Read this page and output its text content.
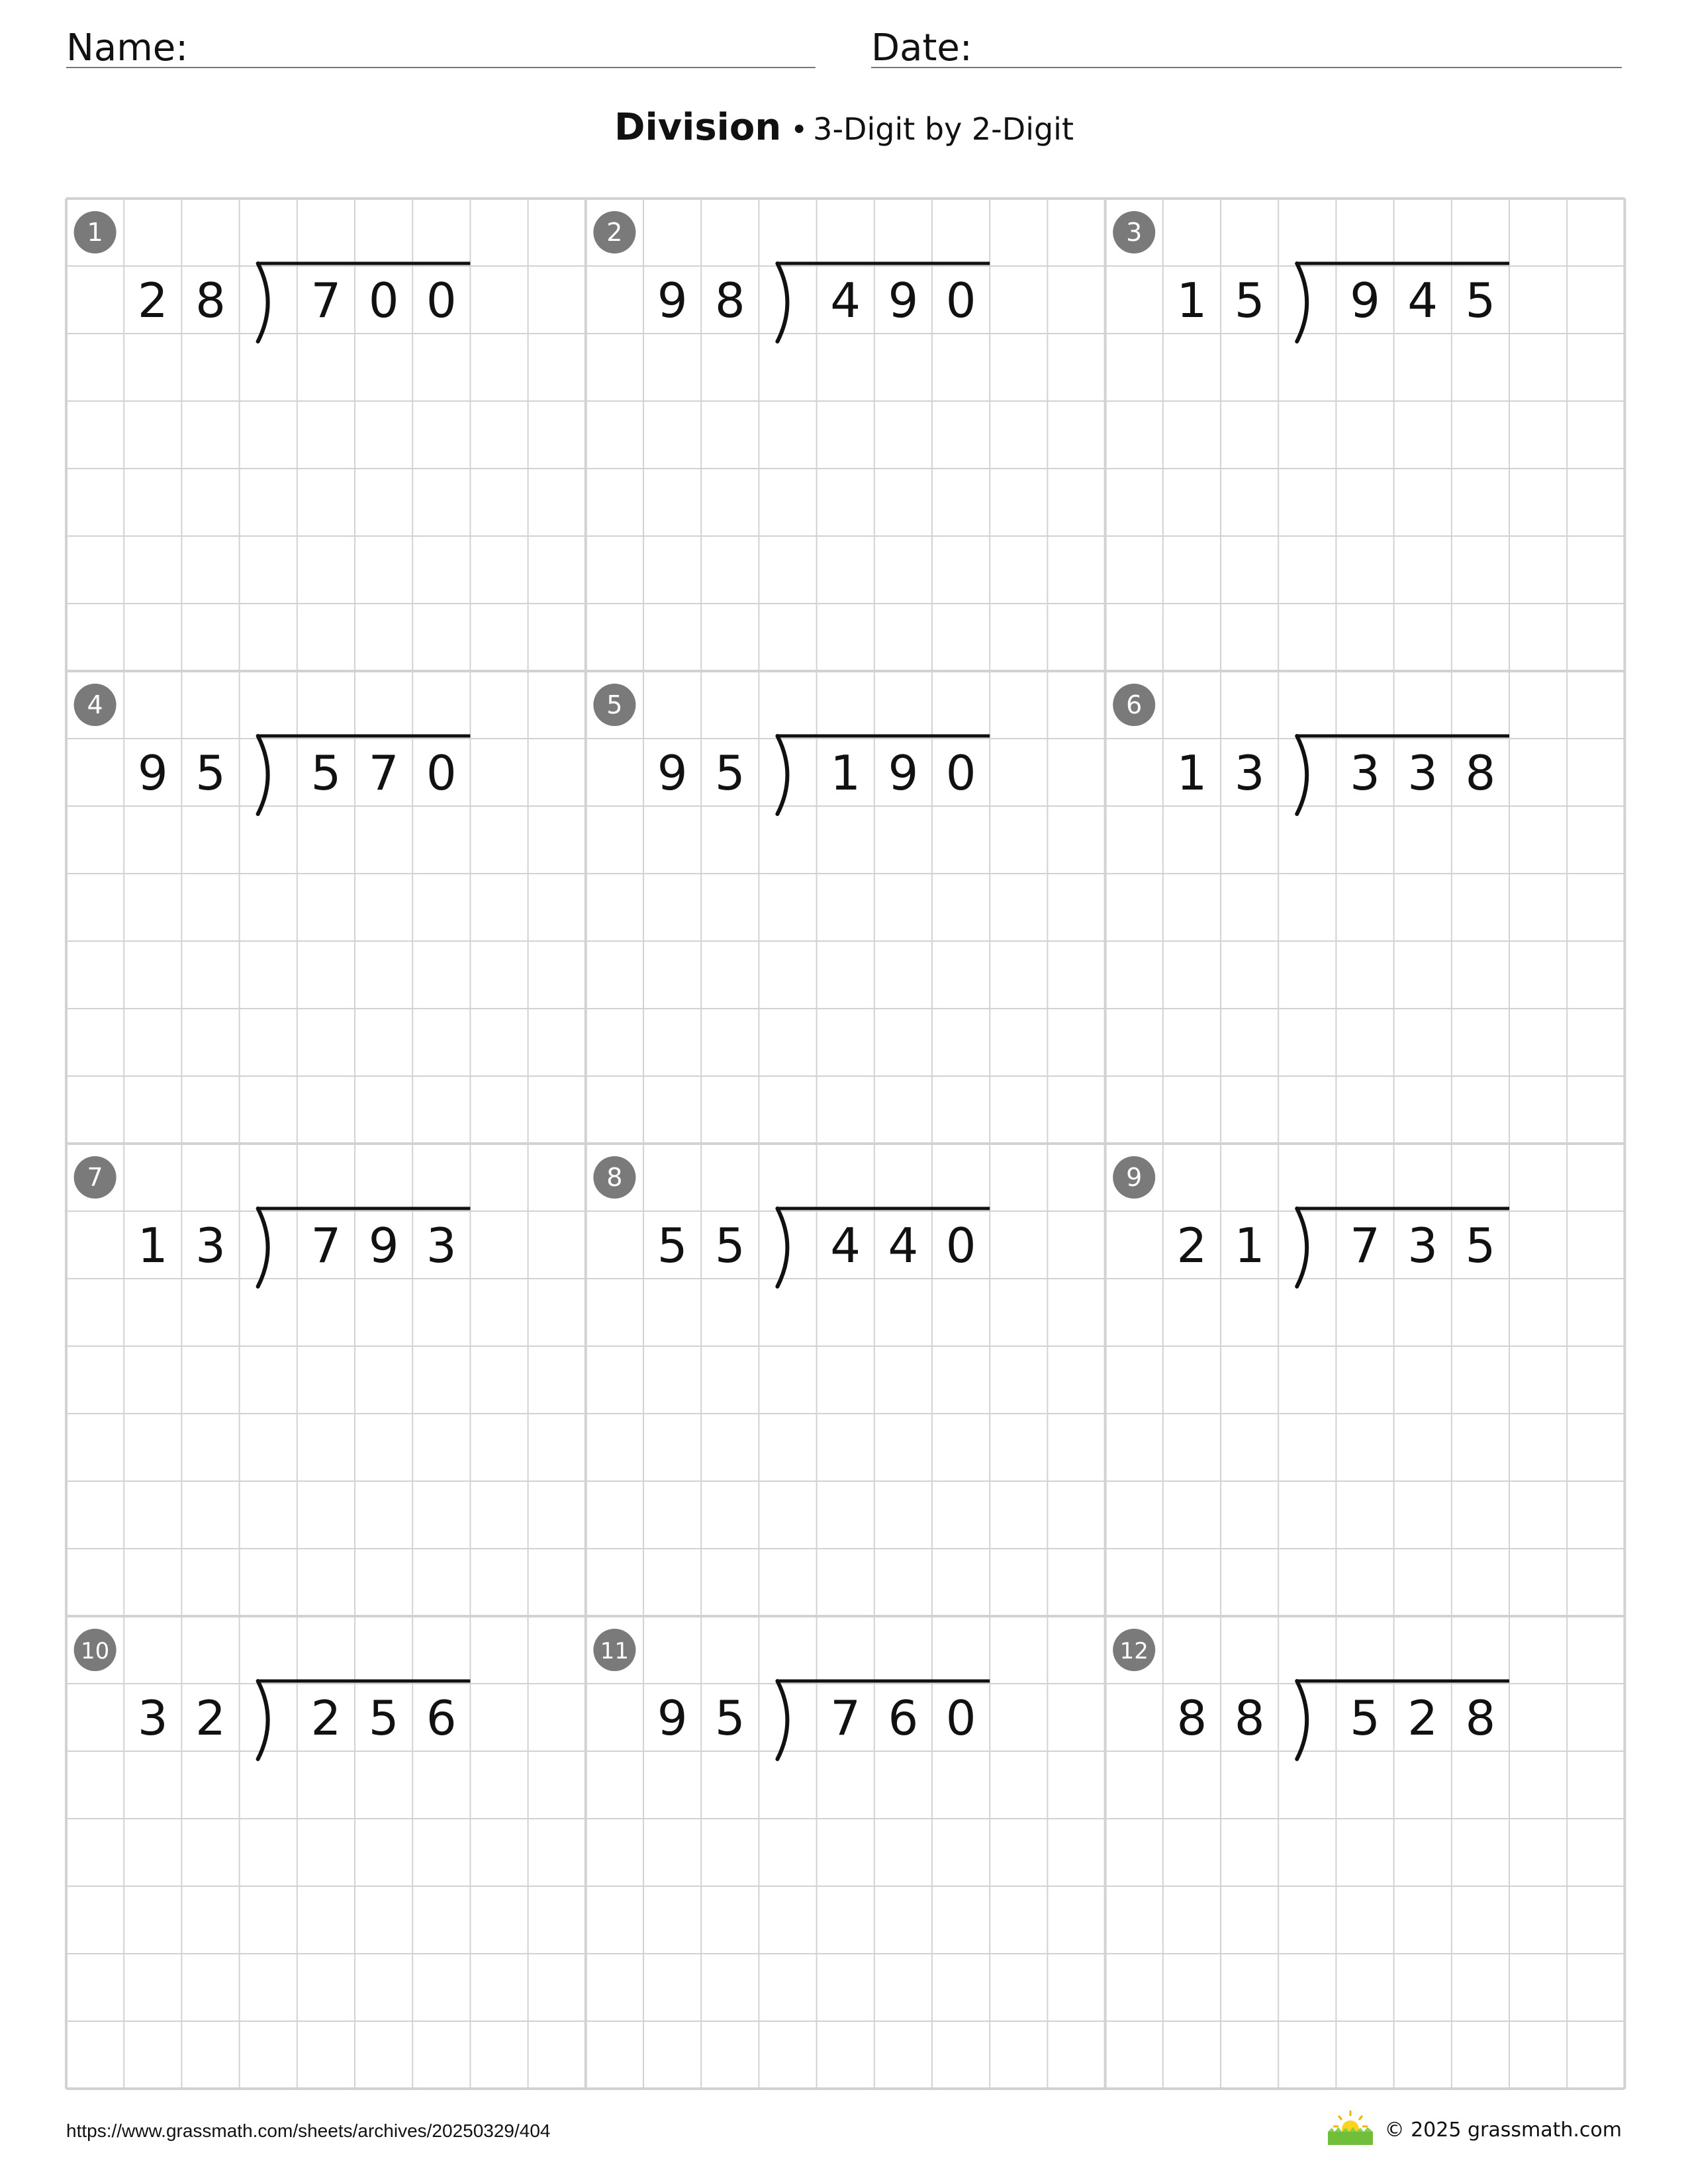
Name:	Date:
Division • 3-Digit by 2-Digit
1
2 8 7 0 0
2
9 8 4 9 0
3
1 5 9 4 5
4
9 5 5 7 0
5
9 5 1 9 0
6
1 3 3 3 8
7
1 3 7 9 3
8
5 5 4 4 0
9
2 1 7 3 5
10
3 2 2 5 6
11
9 5 7 6 0
12
8 8 5 2 8
https://www.grassmath.com/sheets/archives/20250329/404	© 2025 grassmath.com
